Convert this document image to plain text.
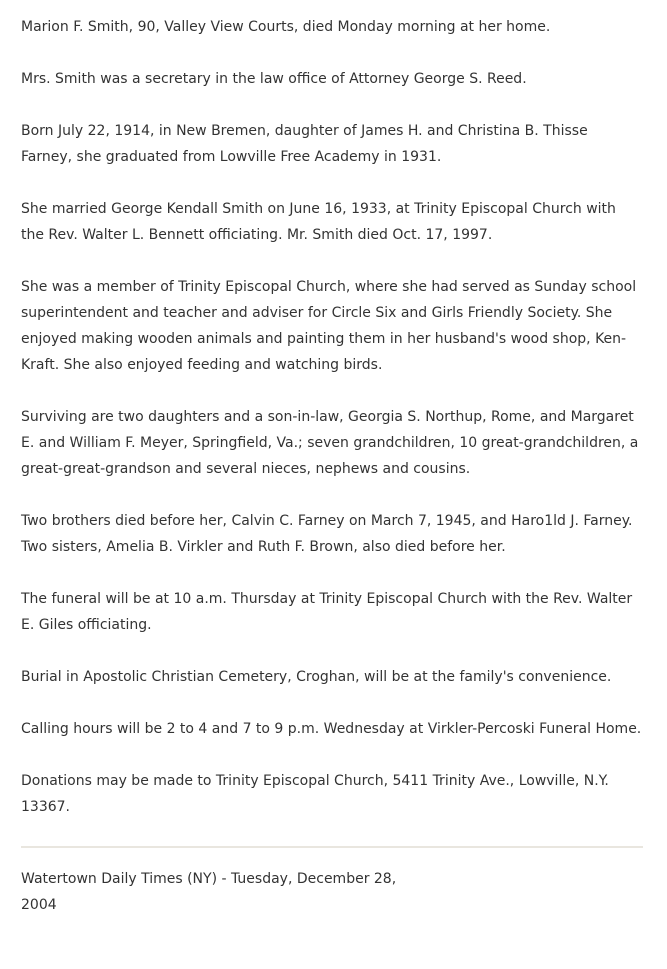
Marion F. Smith, 90, Valley View Courts, died Monday morning at her home.

Mrs. Smith was a secretary in the law office of Attorney George S. Reed.

Born July 22, 1914, in New Bremen, daughter of James H. and Christina B. Thisse Farney, she graduated from Lowville Free Academy in 1931.

She married George Kendall Smith on June 16, 1933, at Trinity Episcopal Church with the Rev. Walter L. Bennett officiating. Mr. Smith died Oct. 17, 1997.

She was a member of Trinity Episcopal Church, where she had served as Sunday school superintendent and teacher and adviser for Circle Six and Girls Friendly Society. She enjoyed making wooden animals and painting them in her husband's wood shop, Ken-Kraft. She also enjoyed feeding and watching birds.

Surviving are two daughters and a son-in-law, Georgia S. Northup, Rome, and Margaret E. and William F. Meyer, Springfield, Va.; seven grandchildren, 10 great-grandchildren, a great-great-grandson and several nieces, nephews and cousins.

Two brothers died before her, Calvin C. Farney on March 7, 1945, and Haro1ld J. Farney. Two sisters, Amelia B. Virkler and Ruth F. Brown, also died before her.

The funeral will be at 10 a.m. Thursday at Trinity Episcopal Church with the Rev. Walter E. Giles officiating.

Burial in Apostolic Christian Cemetery, Croghan, will be at the family's convenience.

Calling hours will be 2 to 4 and 7 to 9 p.m. Wednesday at Virkler-Percoski Funeral Home.

Donations may be made to Trinity Episcopal Church, 5411 Trinity Ave., Lowville, N.Y. 13367.

Watertown Daily Times (NY) - Tuesday, December 28,
2004
